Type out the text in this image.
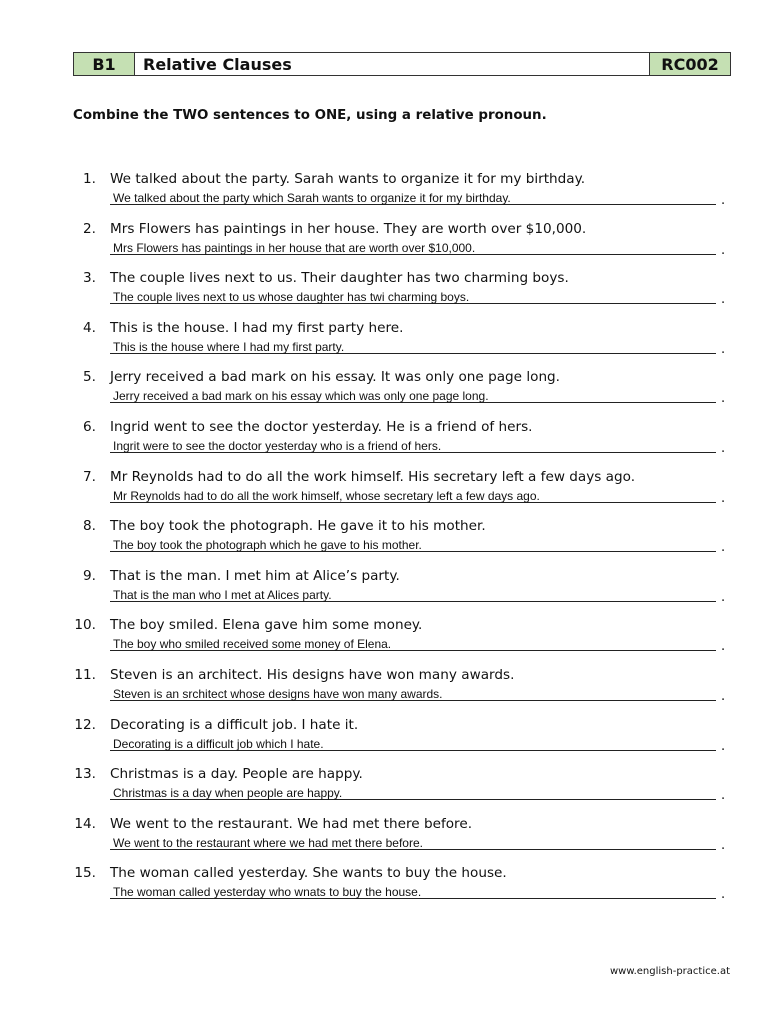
B1	Relative Clauses	RC002
Combine the TWO sentences to ONE, using a relative pronoun.
1. We talked about the party. Sarah wants to organize it for my birthday.
We talked about the party which Sarah wants to organize it for my birthday.	.
2. Mrs Flowers has paintings in her house. They are worth over $10,000.
Mrs Flowers has paintings in her house that are worth over $10,000.	.
3. The couple lives next to us. Their daughter has two charming boys.
The couple lives next to us whose daughter has twi charming boys.	.
4. This is the house. I had my first party here.
This is the house where I had my first party.	.
5. Jerry received a bad mark on his essay. It was only one page long.
Jerry received a bad mark on his essay which was only one page long.	.
6. Ingrid went to see the doctor yesterday. He is a friend of hers.
Ingrit were to see the doctor yesterday who is a friend of hers.	.
7. Mr Reynolds had to do all the work himself. His secretary left a few days ago.
Mr Reynolds had to do all the work himself, whose secretary left a few days ago.	.
8. The boy took the photograph. He gave it to his mother.
The boy took the photograph which he gave to his mother.	.
9. That is the man. I met him at Alice’s party.
That is the man who I met at Alices party.	.
10. The boy smiled. Elena gave him some money.
The boy who smiled received some money of Elena.	.
11. Steven is an architect. His designs have won many awards.
Steven is an srchitect whose designs have won many awards.	.
12. Decorating is a difficult job. I hate it.
Decorating is a difficult job which I hate.	.
13. Christmas is a day. People are happy.
Christmas is a day when people are happy.	.
14. We went to the restaurant. We had met there before.
We went to the restaurant where we had met there before.	.
15. The woman called yesterday. She wants to buy the house.
The woman called yesterday who wnats to buy the house.	.
www.english-practice.at
